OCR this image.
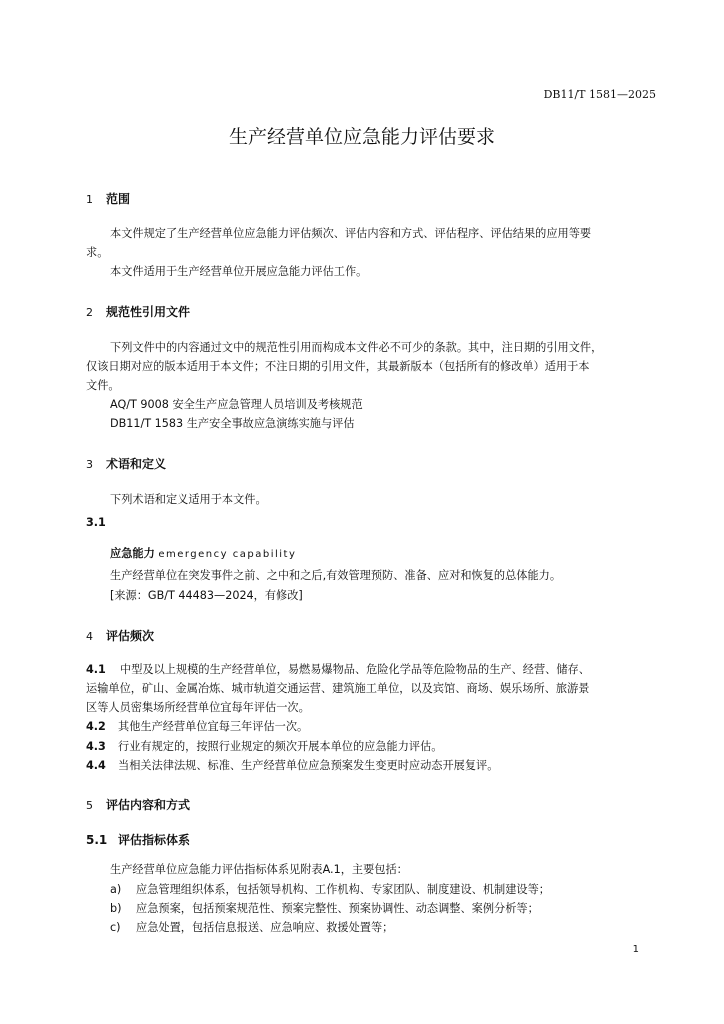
DB11/T 1581—2025
生产经营单位应急能力评估要求
1 范围
本文件规定了生产经营单位应急能力评估频次、评估内容和方式、评估程序、评估结果的应用等要
求。
本文件适用于生产经营单位开展应急能力评估工作。
2 规范性引用文件
下列文件中的内容通过文中的规范性引用而构成本文件必不可少的条款。其中，注日期的引用文件，
仅该日期对应的版本适用于本文件；不注日期的引用文件，其最新版本（包括所有的修改单）适用于本
文件。
AQ/T 9008 安全生产应急管理人员培训及考核规范
DB11/T 1583 生产安全事故应急演练实施与评估
3 术语和定义
下列术语和定义适用于本文件。
3.1
应急能力 emergency capability
生产经营单位在突发事件之前、之中和之后,有效管理预防、准备、应对和恢复的总体能力。
[来源：GB/T 44483—2024，有修改]
4 评估频次
4.1 中型及以上规模的生产经营单位，易燃易爆物品、危险化学品等危险物品的生产、经营、储存、
运输单位，矿山、金属冶炼、城市轨道交通运营、建筑施工单位，以及宾馆、商场、娱乐场所、旅游景
区等人员密集场所经营单位宜每年评估一次。
4.2 其他生产经营单位宜每三年评估一次。
4.3 行业有规定的，按照行业规定的频次开展本单位的应急能力评估。
4.4 当相关法律法规、标准、生产经营单位应急预案发生变更时应动态开展复评。
5 评估内容和方式
5.1 评估指标体系
生产经营单位应急能力评估指标体系见附表A.1，主要包括：
a) 应急管理组织体系，包括领导机构、工作机构、专家团队、制度建设、机制建设等；
b) 应急预案，包括预案规范性、预案完整性、预案协调性、动态调整、案例分析等；
c) 应急处置，包括信息报送、应急响应、救援处置等；
1
